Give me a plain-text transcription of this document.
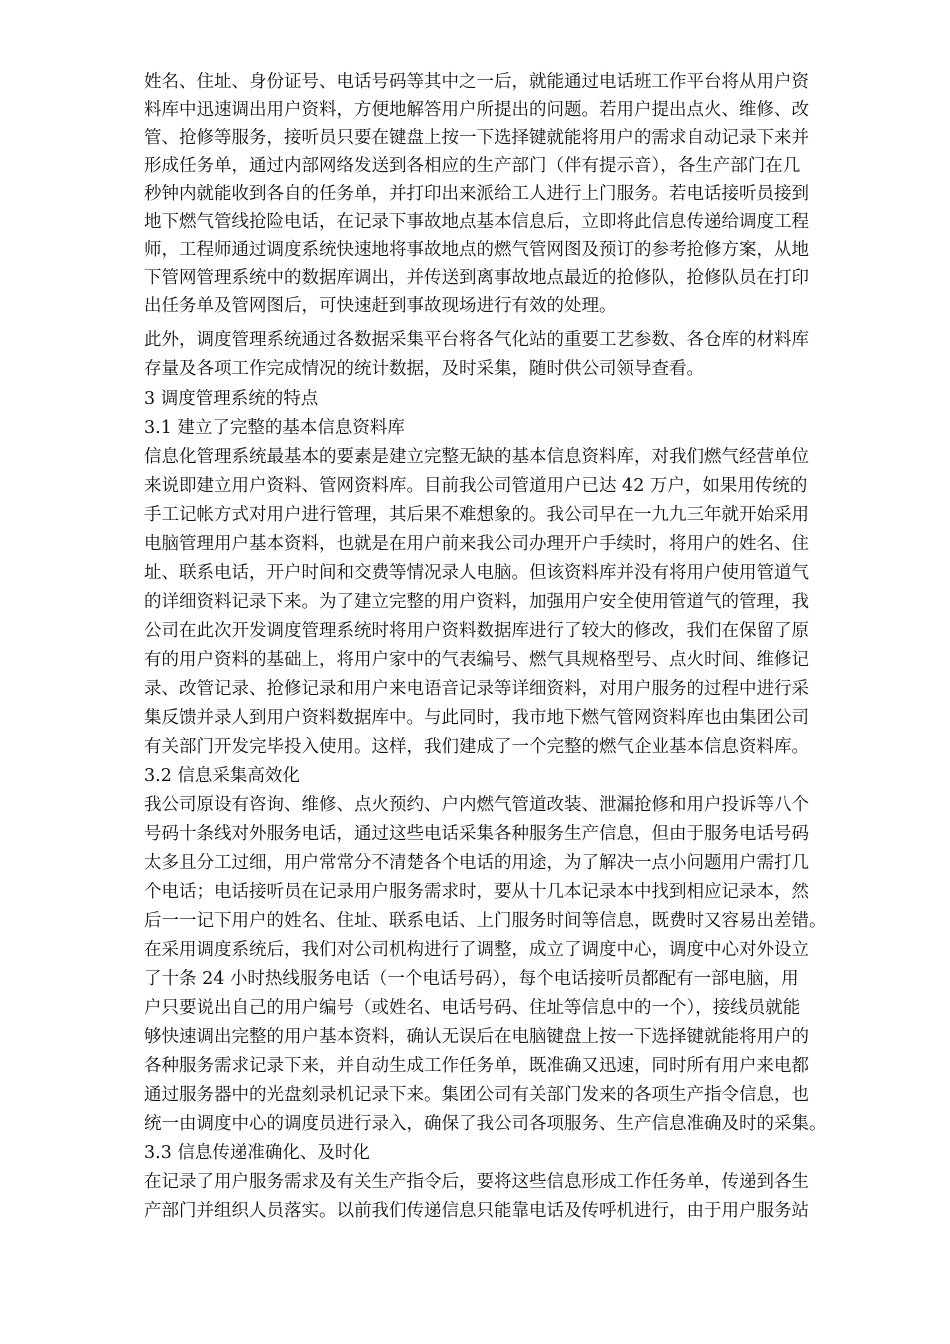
姓名、住址、身份证号、电话号码等其中之一后，就能通过电话班工作平台将从用户资
料库中迅速调出用户资料，方便地解答用户所提出的问题。若用户提出点火、维修、改
管、抢修等服务，接听员只要在键盘上按一下选择键就能将用户的需求自动记录下来并
形成任务单，通过内部网络发送到各相应的生产部门（伴有提示音），各生产部门在几
秒钟内就能收到各自的任务单，并打印出来派给工人进行上门服务。若电话接听员接到
地下燃气管线抢险电话，在记录下事故地点基本信息后，立即将此信息传递给调度工程
师，工程师通过调度系统快速地将事故地点的燃气管网图及预订的参考抢修方案，从地
下管网管理系统中的数据库调出，并传送到离事故地点最近的抢修队，抢修队员在打印
出任务单及管网图后，可快速赶到事故现场进行有效的处理。
此外，调度管理系统通过各数据采集平台将各气化站的重要工艺参数、各仓库的材料库
存量及各项工作完成情况的统计数据，及时采集，随时供公司领导查看。
3 调度管理系统的特点
3.1 建立了完整的基本信息资料库
信息化管理系统最基本的要素是建立完整无缺的基本信息资料库，对我们燃气经营单位
来说即建立用户资料、管网资料库。目前我公司管道用户已达 42 万户，如果用传统的
手工记帐方式对用户进行管理，其后果不难想象的。我公司早在一九九三年就开始采用
电脑管理用户基本资料，也就是在用户前来我公司办理开户手续时，将用户的姓名、住
址、联系电话，开户时间和交费等情况录人电脑。但该资料库并没有将用户使用管道气
的详细资料记录下来。为了建立完整的用户资料，加强用户安全使用管道气的管理，我
公司在此次开发调度管理系统时将用户资料数据库进行了较大的修改，我们在保留了原
有的用户资料的基础上，将用户家中的气表编号、燃气具规格型号、点火时间、维修记
录、改管记录、抢修记录和用户来电语音记录等详细资料，对用户服务的过程中进行采
集反馈并录人到用户资料数据库中。与此同时，我市地下燃气管网资料库也由集团公司
有关部门开发完毕投入使用。这样，我们建成了一个完整的燃气企业基本信息资料库。
3.2 信息采集高效化
我公司原设有咨询、维修、点火预约、户内燃气管道改装、泄漏抢修和用户投诉等八个
号码十条线对外服务电话，通过这些电话采集各种服务生产信息，但由于服务电话号码
太多且分工过细，用户常常分不清楚各个电话的用途，为了解决一点小问题用户需打几
个电话；电话接听员在记录用户服务需求时，要从十几本记录本中找到相应记录本，然
后一一记下用户的姓名、住址、联系电话、上门服务时间等信息，既费时又容易出差错。
在采用调度系统后，我们对公司机构进行了调整，成立了调度中心，调度中心对外设立
了十条 24 小时热线服务电话（一个电话号码），每个电话接听员都配有一部电脑，用
户只要说出自己的用户编号（或姓名、电话号码、住址等信息中的一个），接线员就能
够快速调出完整的用户基本资料，确认无误后在电脑键盘上按一下选择键就能将用户的
各种服务需求记录下来，并自动生成工作任务单，既准确又迅速，同时所有用户来电都
通过服务器中的光盘刻录机记录下来。集团公司有关部门发来的各项生产指令信息，也
统一由调度中心的调度员进行录入，确保了我公司各项服务、生产信息准确及时的采集。
3.3 信息传递准确化、及时化
在记录了用户服务需求及有关生产指令后，要将这些信息形成工作任务单，传递到各生
产部门并组织人员落实。以前我们传递信息只能靠电话及传呼机进行，由于用户服务站
